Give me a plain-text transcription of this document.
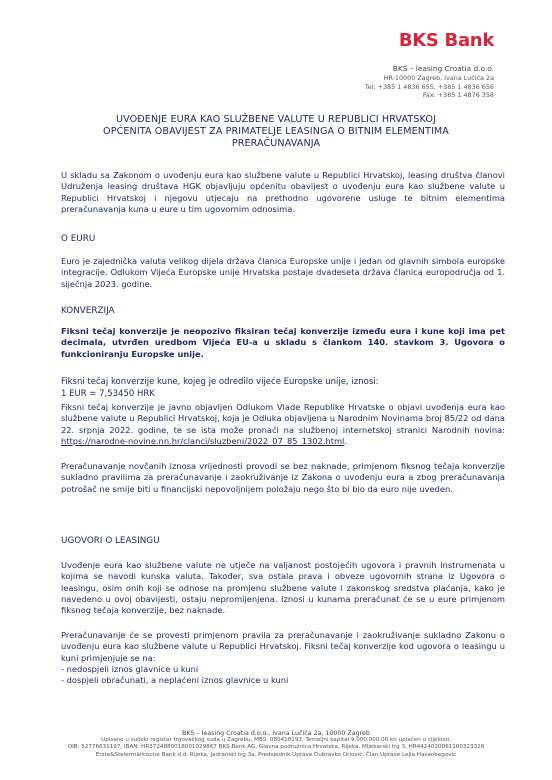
BKS Bank
BKS – leasing Croatia d.o.o.
HR-10000 Zagreb, Ivana Lučića 2a
Tel: +385 1 4836 655, +385 1 4836 656
Fax: +385 1 4876 358
UVOĐENJE EURA KAO SLUŽBENE VALUTE U REPUBLICI HRVATSKOJ
OPĆENITA OBAVIJEST ZA PRIMATELJE LEASINGA O BITNIM ELEMENTIMA
PRERAČUNAVANJA

U skladu sa Zakonom o uvođenju eura kao službene valute u Republici Hrvatskoj, leasing društva članovi Udruženja leasing društava HGK objavljuju općenitu obavijest o uvođenju eura kao službene valute u Republici Hrvatskoj i njegovu utjecaju na prethodno ugovorene usluge te bitnim elementima preračunavanja kuna u eure u tim ugovornim odnosima.

O EURU

Euro je zajednička valuta velikog dijela država članica Europske unije i jedan od glavnih simbola europske integracije. Odlukom Vijeća Europske unije Hrvatska postaje dvadeseta država članica europodručja od 1. siječnja 2023. godine.

KONVERZIJA

Fiksni tečaj konverzije je neopozivo fiksiran tečaj konverzije između eura i kune koji ima pet decimala, utvrđen uredbom Vijeća EU-a u skladu s člankom 140. stavkom 3. Ugovora o funkcioniranju Europske unije.

Fiksni tečaj konverzije kune, kojeg je odredilo vijeće Europske unije, iznosi:
1 EUR = 7,53450 HRK

Fiksni tečaj konverzije je javno objavljen Odlukom Vlade Republike Hrvatske o objavi uvođenja eura kao službene valute u Republici Hrvatskoj, koja je Odluka objavljena u Narodnim Novinama broj 85/22 od dana 22. srpnja 2022. godine, te se ista može pronaći na službenoj internetskoj stranici Narodnih novina: https://narodne-novine.nn.hr/clanci/sluzbeni/2022_07_85_1302.html.

Preračunavanje novčanih iznosa vrijednosti provodi se bez naknade, primjenom fiksnog tečaja konverzije sukladno pravilima za preračunavanje i zaokruživanje iz Zakona o uvođenju eura a zbog preračunavanja potrošač ne smije biti u financijski nepovoljnijem položaju nego što bi bio da euro nije uveden.

UGOVORI O LEASINGU

Uvođenje eura kao službene valute ne utječe na valjanost postojećih ugovora i pravnih instrumenata u kojima se navodi kunska valuta. Također, sva ostala prava i obveze ugovornih strana iz Ugovora o leasingu, osim onih koji se odnose na promjenu službene valute i zakonskog sredstva plaćanja, kako je navedeno u ovoj obavijesti, ostaju nepromijenjena. Iznosi u kunama preračunat će se u eure primjenom fiksnog tečaja konverzije, bez naknade.

Preračunavanje će se provesti primjenom pravila za preračunavanje i zaokruživanje sukladno Zakonu o uvođenju eura kao službene valute u Republici Hrvatskoj. Fiksni tečaj konverzije kod ugovora o leasingu u kuni primjenjuje se na:

- nedospjeli iznos glavnice u kuni
- dospjeli obračunati, a neplaćeni iznos glavnice u kuni
BKS – leasing Croatia d.o.o., Ivana Lučića 2a, 10000 Zagreb
Upisano u sudski registar trgovačkog suda u Zagrebu, MBS: 080418193, Temeljni kapital 9.000.000,00 kn uplaćen u cijelosti,
OIB: 52776631197, IBAN: HR3724880018001029867 BKS Bank AG, Glavna podružnica Hrvatska, Rijeka, Mljekarski trg 3, HR4424020061100323326
Erste&Steiermärkische Bank d.d. Rijeka, Jadranski trg 3a, Predsjednik Uprave Dubravko Orlović, Član Uprave Lejla Hasanbegović
